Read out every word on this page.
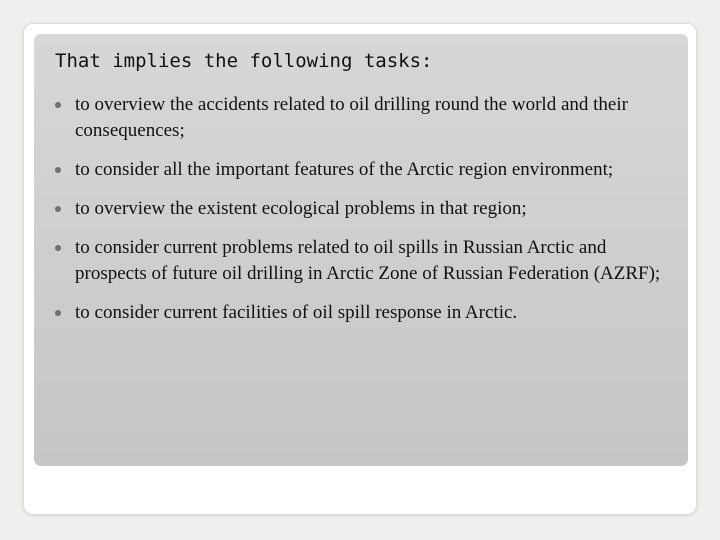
That implies the following tasks:
to overview the accidents related to oil drilling round the world and their consequences;
to consider all the important features of the Arctic region environment;
to overview the existent ecological problems in that region;
to consider current problems related to oil spills in Russian Arctic and prospects of future oil drilling in Arctic Zone of Russian Federation (AZRF);
to consider current facilities of oil spill response in Arctic.
